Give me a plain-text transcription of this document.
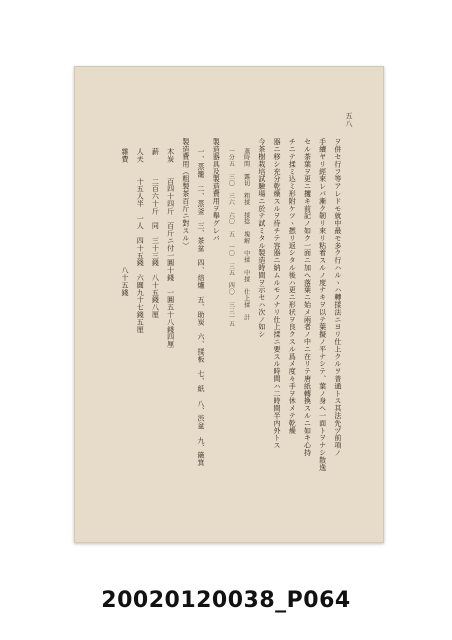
五八
ヲ併セ行フ等アレドモ就中最モ多ク行ハルヽハ轉揉法ニヨリ仕上クルヲ普通トス其法先ヅ前項ノ
手續ヤリ經來レバ漸ク韌リ來リ粘着スルノ度ナキヲ以テ葉擬ノ平ナシテ、葉ノ身ヘ一面トヲナシ散逸
セル茶葉ヲ更ニ攫キ前記ノ如ク一面ニ加ヘ落葉ニ始メ兩者ノ中ニ在リテ唐紙轉換スルニ如キ心持
チニテ揉ミ込ミ形附ケツヽ撚リ返シタル後ハ更ニ形状ヲ良クスル爲メ度々手ヲ休メテ乾燥
器ニ移シ充分乾燥スルヲ待チテ容器ニ納ムルモノナリ仕上揉ニ要スル時間ハ二時間半内外トス
今茶樹栽培試驗場ニ於テ試ミタル製造時間ヲ示セハ次ノ如シ
蒸時間　露切　粗揉　揉捻　塊解　中揉　中揉　仕上揉　計
一分五　三〇　三六　六〇　五　一〇　三五　四〇　三三一五
製造器具及製造費用ヲ舉グレバ
一、蒸籠　二、蒸釜　三、茶盆　四、焙爐　五、助炭　六、揉板　七、紙　八、渋盆　九、簸箕
製造費用（粗製茶百斤ニ對スル）
木炭　　百四十四斤　百斤ニ付一圓十錢　一圓五十八錢四厘
薪　　　二百六十斤　同　三十三錢　八十五錢八厘
人夫　　十五人半　一人　四十五錢　六圓九十七錢五厘
雜費　　　　　　　　　　　　　　八十五錢
20020120038_P064
